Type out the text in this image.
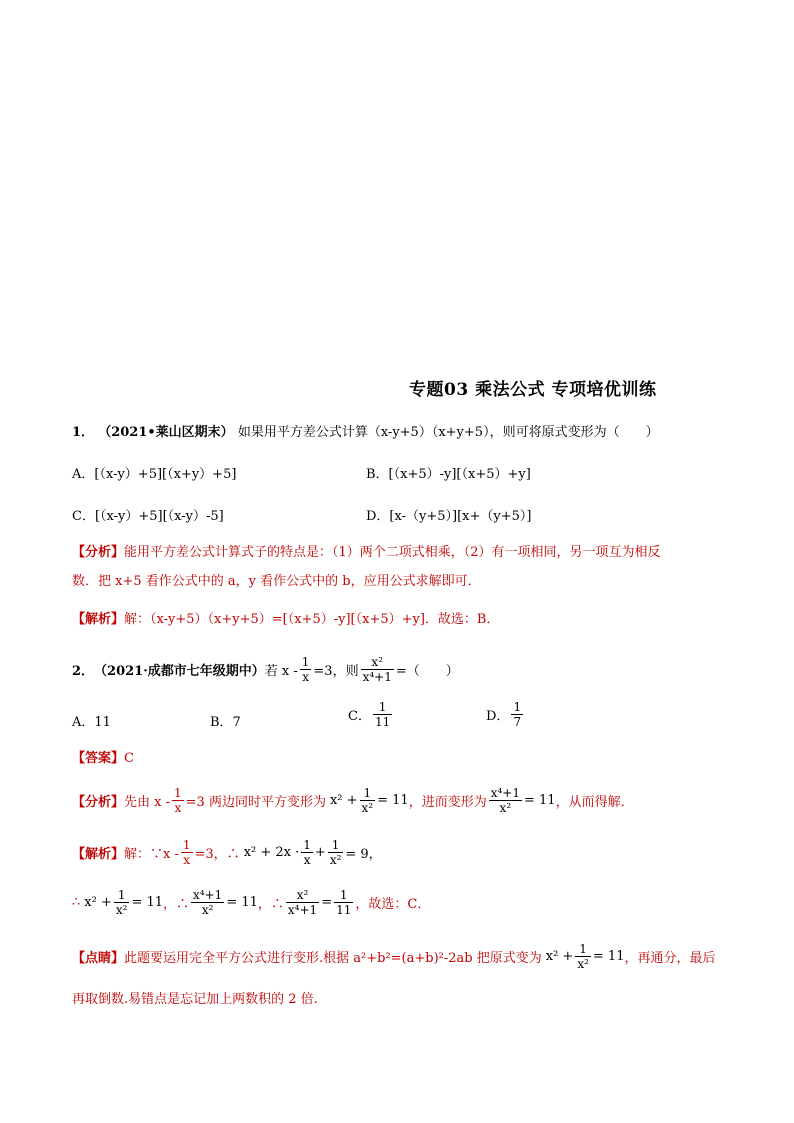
专题03 乘法公式 专项培优训练
1． （2021•莱山区期末） 如果用平方差公式计算（x-y+5）（x+y+5），则可将原式变形为（　　）
A．[（x-y）+5][（x+y）+5]	B．[（x+5）-y][（x+5）+y]
C．[（x-y）+5][（x-y）-5]	D．[x-（y+5）][x+（y+5）]
【分析】能用平方差公式计算式子的特点是：（1）两个二项式相乘，（2）有一项相同，另一项互为相反
数．把 x+5 看作公式中的 a，y 看作公式中的 b，应用公式求解即可．
【解析】解：（x-y+5）（x+y+5）=[（x+5）-y][（x+5）+y]．故选：B．
2． （2021·成都市七年级期中） 若 $x - \frac{1}{x} =3$，则 $\frac{\text{x²}}{\text{x⁴+1}}$ =（　　）
A．11	B．7	C． $\frac{1}{11}$	D． $\frac{1}{7}$
【答案】C
【分析】 先由 $x - \frac{1}{x} =3$ 两边同时平方变形为 $x^2 + \frac{1}{\text{x²}} = 11$ ，进而变形为 $\frac{\text{x⁴+1}}{\text{x²}} = 11$ ，从而得解．
【解析】 解：∵x - $\frac{1}{x} =3$，∴ $x^2 + 2x \cdot \frac{1}{x} + \frac{1}{\text{x²}} = 9$，
∴ $x^2 + \frac{1}{\text{x²}} = 11$ ，∴ $\frac{\text{x⁴+1}}{\text{x²}} = 11$ ，∴ $\frac{\text{x²}}{\text{x⁴+1}} = \frac{1}{11}$ ，故选：C．
【点睛】 此题要运用完全平方公式进行变形.根据 a²+b²=(a+b)²-2ab 把原式变为 $x^2 + \frac{1}{\text{x²}} = 11$ ，再通分，最后
再取倒数.易错点是忘记加上两数积的 2 倍.
